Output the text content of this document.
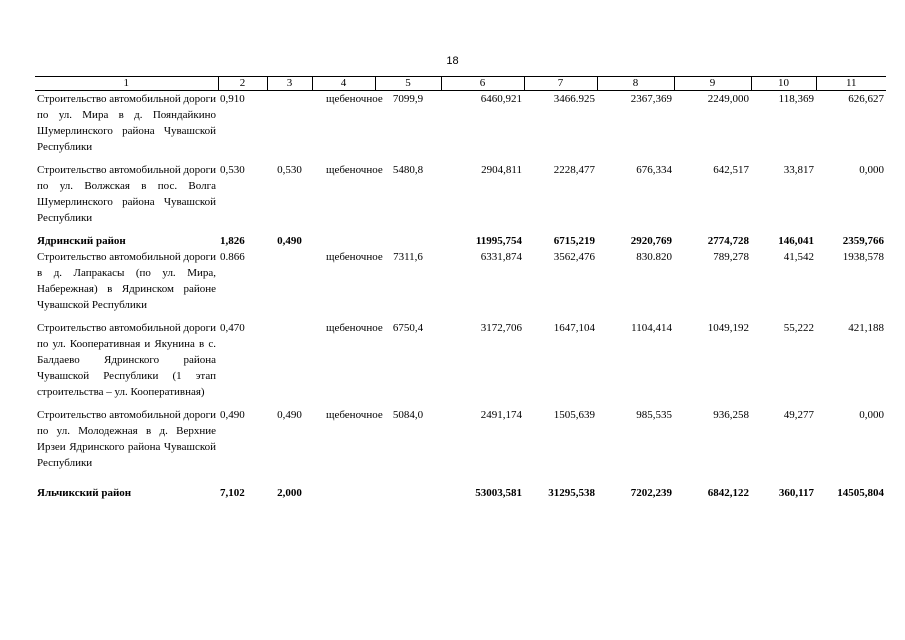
18
1	2	3	4	5	6	7	8	9	10	11
Строительство автомобильной дороги по ул. Мира в д. Пояндайкино Шумерлинского района Чувашской Республики	0,910		щебеночное	7099,9	6460,921	3466.925	2367,369	2249,000	118,369	626,627

Строительство автомобильной дороги по ул. Волжская в пос. Волга Шумерлинского района Чувашской Республики	0,530	0,530	щебеночное	5480,8	2904,811	2228,477	676,334	642,517	33,817	0,000

Ядринский район	1,826	0,490			11995,754	6715,219	2920,769	2774,728	146,041	2359,766
Строительство автомобильной дороги в д. Лапракасы (по ул. Мира, Набережная) в Ядринском районе Чувашской Республики	0.866		щебеночное	7311,6	6331,874	3562,476	830.820	789,278	41,542	1938,578

Строительство автомобильной дороги по ул. Кооперативная и Якунина в с. Балдаево Ядринского района Чувашской Республики (1 этап строительства – ул. Кооперативная)	0,470		щебеночное	6750,4	3172,706	1647,104	1104,414	1049,192	55,222	421,188

Строительство автомобильной дороги по ул. Молодежная в д. Верхние Ирзеи Ядринского района Чувашской Республики	0,490	0,490	щебеночное	5084,0	2491,174	1505,639	985,535	936,258	49,277	0,000

Яльчикский район	7,102	2,000			53003,581	31295,538	7202,239	6842,122	360,117	14505,804
